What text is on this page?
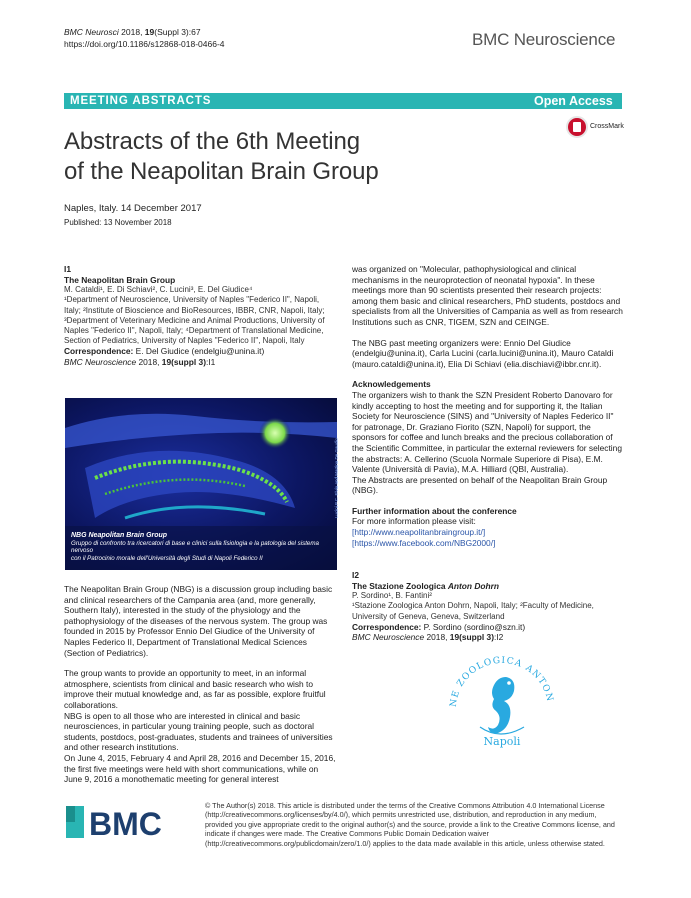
BMC Neurosci 2018, 19(Suppl 3):67
https://doi.org/10.1186/s12868-018-0466-4	BMC Neuroscience
MEETING ABSTRACTS	Open Access
Abstracts of the 6th Meeting
of the Neapolitan Brain Group
CrossMark
Naples, Italy. 14 December 2017
Published: 13 November 2018

I1

The Neapolitan Brain Group

M. Cataldi¹, E. Di Schiavi², C. Lucini³, E. Del Giudice⁴

¹Department of Neuroscience, University of Naples "Federico II", Napoli, Italy; ²Institute of Bioscience and BioResources, IBBR, CNR, Napoli, Italy; ³Department of Veterinary Medicine and Animal Productions, University of Naples "Federico II", Napoli, Italy; ⁴Department of Translational Medicine, Section of Pediatrics, University of Naples "Federico II", Napoli, Italy

Correspondence: E. Del Giudice (endelgiu@unina.it)

BMC Neuroscience 2018, 19(suppl 3):I1

Lucini P.C. Elvia and Martina De Gaudio
NBG Neapolitan Brain Group
Gruppo di confronto tra ricercatori di base e clinici sulla fisiologia e la patologia del sistema nervoso
con il Patrocinio morale dell'Università degli Studi di Napoli Federico II

The Neapolitan Brain Group (NBG) is a discussion group including basic and clinical researchers of the Campania area (and, more generally, Southern Italy), interested in the study of the physiology and the pathophysiology of the diseases of the nervous system. The group was founded in 2015 by Professor Ennio Del Giudice of the University of Naples Federico II, Department of Translational Medical Sciences (Section of Pediatrics).

The group wants to provide an opportunity to meet, in an informal atmosphere, scientists from clinical and basic research who wish to improve their mutual knowledge and, as far as possible, explore fruitful collaborations.

NBG is open to all those who are interested in clinical and basic neurosciences, in particular young training people, such as doctoral students, postdocs, post-graduates, students and trainees of universities and other research institutions.

On June 4, 2015, February 4 and April 28, 2016 and December 15, 2016, the first five meetings were held with short communications, while on June 9, 2016 a monothematic meeting for general interest

was organized on "Molecular, pathophysiological and clinical mechanisms in the neuroprotection of neonatal hypoxia". In these meetings more than 90 scientists presented their research projects: among them basic and clinical researchers, PhD students, postdocs and specialists from all the Universities of Campania as well as from research Institutions such as CNR, TIGEM, SZN and CEINGE.

The NBG past meeting organizers were: Ennio Del Giudice (endelgiu@unina.it), Carla Lucini (carla.lucini@unina.it), Mauro Cataldi (mauro.cataldi@unina.it), Elia Di Schiavi (elia.dischiavi@ibbr.cnr.it).

Acknowledgements

The organizers wish to thank the SZN President Roberto Danovaro for kindly accepting to host the meeting and for supporting it, the Italian Society for Neuroscience (SINS) and "University of Naples Federico II" for patronage, Dr. Graziano Fiorito (SZN, Napoli) for support, the sponsors for coffee and lunch breaks and the precious collaboration of the Scientific Committee, in particular the external reviewers for selecting the abstracts: A. Cellerino (Scuola Normale Superiore di Pisa), E.M. Valente (Università di Pavia), M.A. Hilliard (QBI, Australia).

The Abstracts are presented on behalf of the Neapolitan Brain Group (NBG).

Further information about the conference

For more information please visit:

[http://www.neapolitanbraingroup.it/]

[https://www.facebook.com/NBG2000/]

I2

The Stazione Zoologica Anton Dohrn

P. Sordino¹, B. Fantini²

¹Stazione Zoologica Anton Dohrn, Napoli, Italy; ²Faculty of Medicine, University of Geneva, Geneva, Switzerland

Correspondence: P. Sordino (sordino@szn.it)

BMC Neuroscience 2018, 19(suppl 3):I2

NE ZOOLOGICA ANTON
Napoli
BMC
© The Author(s) 2018. This article is distributed under the terms of the Creative Commons Attribution 4.0 International License (http://creativecommons.org/licenses/by/4.0/), which permits unrestricted use, distribution, and reproduction in any medium, provided you give appropriate credit to the original author(s) and the source, provide a link to the Creative Commons license, and indicate if changes were made. The Creative Commons Public Domain Dedication waiver (http://creativecommons.org/publicdomain/zero/1.0/) applies to the data made available in this article, unless otherwise stated.
